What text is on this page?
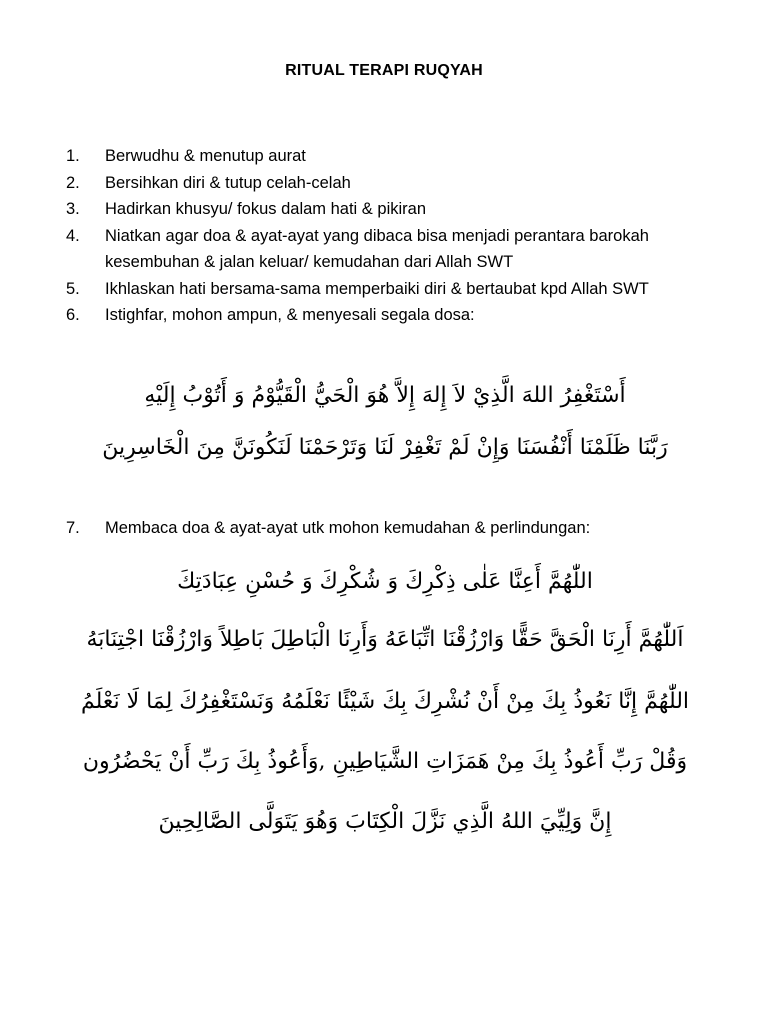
RITUAL TERAPI RUQYAH
1. Berwudhu & menutup aurat
2. Bersihkan diri & tutup celah-celah
3. Hadirkan khusyu/ fokus dalam hati & pikiran
4. Niatkan agar doa & ayat-ayat yang dibaca bisa menjadi perantara barokah kesembuhan & jalan keluar/ kemudahan dari Allah SWT
5. Ikhlaskan hati bersama-sama memperbaiki diri & bertaubat kpd Allah SWT
6. Istighfar, mohon ampun, & menyesali segala dosa:
أَسْتَغْفِرُ اللهَ الَّذِيْ لاَ إِلهَ إِلاَّ هُوَ الْحَيُّ الْقَيُّوْمُ وَ أَتُوْبُ إِلَيْهِ
رَبَّنَا ظَلَمْنَا أَنْفُسَنَا وَإِنْ لَمْ تَغْفِرْ لَنَا وَتَرْحَمْنَا لَنَكُونَنَّ مِنَ الْخَاسِرِينَ
7. Membaca doa & ayat-ayat utk mohon kemudahan & perlindungan:
اللّٰهُمَّ أَعِنَّا عَلٰى ذِكْرِكَ وَ شُكْرِكَ وَ حُسْنِ عِبَادَتِكَ
اَللّٰهُمَّ أَرِنَا الْحَقَّ حَقًّا وَارْزُقْنَا اتِّبَاعَهُ وَأَرِنَا الْبَاطِلَ بَاطِلاً وَارْزُقْنَا اجْتِنَابَهُ
اللّٰهُمَّ إِنَّا نَعُوذُ بِكَ مِنْ أَنْ نُشْرِكَ بِكَ شَيْئًا نَعْلَمُهُ وَنَسْتَغْفِرُكَ لِمَا لَا نَعْلَمُ
وَقُلْ رَبِّ أَعُوذُ بِكَ مِنْ هَمَزَاتِ الشَّيَاطِينِ ,وَأَعُوذُ بِكَ رَبِّ أَنْ يَحْضُرُون
إِنَّ وَلِيِّيَ اللهُ الَّذِي نَزَّلَ الْكِتَابَ وَهُوَ يَتَوَلَّى الصَّالِحِينَ
